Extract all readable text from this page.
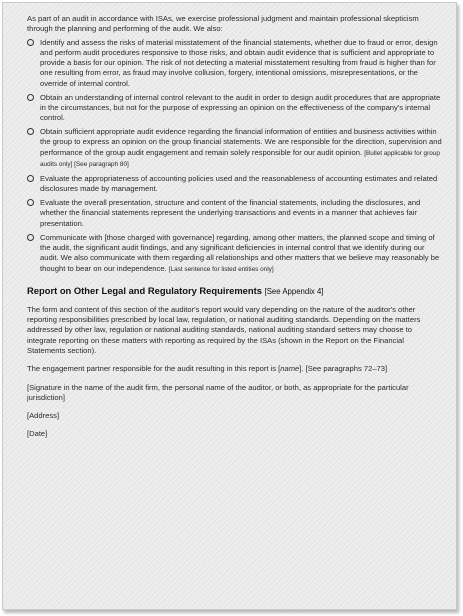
As part of an audit in accordance with ISAs, we exercise professional judgment and maintain professional skepticism through the planning and performing of the audit. We also:

Identify and assess the risks of material misstatement of the financial statements, whether due to fraud or error, design and perform audit procedures responsive to those risks, and obtain audit evidence that is sufficient and appropriate to provide a basis for our opinion. The risk of not detecting a material misstatement resulting from fraud is higher than for one resulting from error, as fraud may involve collusion, forgery, intentional omissions, misrepresentations, or the override of internal control.
Obtain an understanding of internal control relevant to the audit in order to design audit procedures that are appropriate in the circumstances, but not for the purpose of expressing an opinion on the effectiveness of the company's internal control.
Obtain sufficient appropriate audit evidence regarding the financial information of entities and business activities within the group to express an opinion on the group financial statements. We are responsible for the direction, supervision and performance of the group audit engagement and remain solely responsible for our audit opinion. [Bullet applicable for group audits only] [See paragraph 80]
Evaluate the appropriateness of accounting policies used and the reasonableness of accounting estimates and related disclosures made by management.
Evaluate the overall presentation, structure and content of the financial statements, including the disclosures, and whether the financial statements represent the underlying transactions and events in a manner that achieves fair presentation.
Communicate with [those charged with governance] regarding, among other matters, the planned scope and timing of the audit, the significant audit findings, and any significant deficiencies in internal control that we identify during our audit. We also communicate with them regarding all relationships and other matters that we believe may reasonably be thought to bear on our independence. [Last sentence for listed entities only]
Report on Other Legal and Regulatory Requirements [See Appendix 4]

The form and content of this section of the auditor's report would vary depending on the nature of the auditor's other reporting responsibilities prescribed by local law, regulation, or national auditing standards. Depending on the matters addressed by other law, regulation or national auditing standards, national auditing standard setters may choose to integrate reporting on these matters with reporting as required by the ISAs (shown in the Report on the Financial Statements section).

The engagement partner responsible for the audit resulting in this report is [name]. [See paragraphs 72–73]

[Signature in the name of the audit firm, the personal name of the auditor, or both, as appropriate for the particular jurisdiction]

[Address]

[Date]
